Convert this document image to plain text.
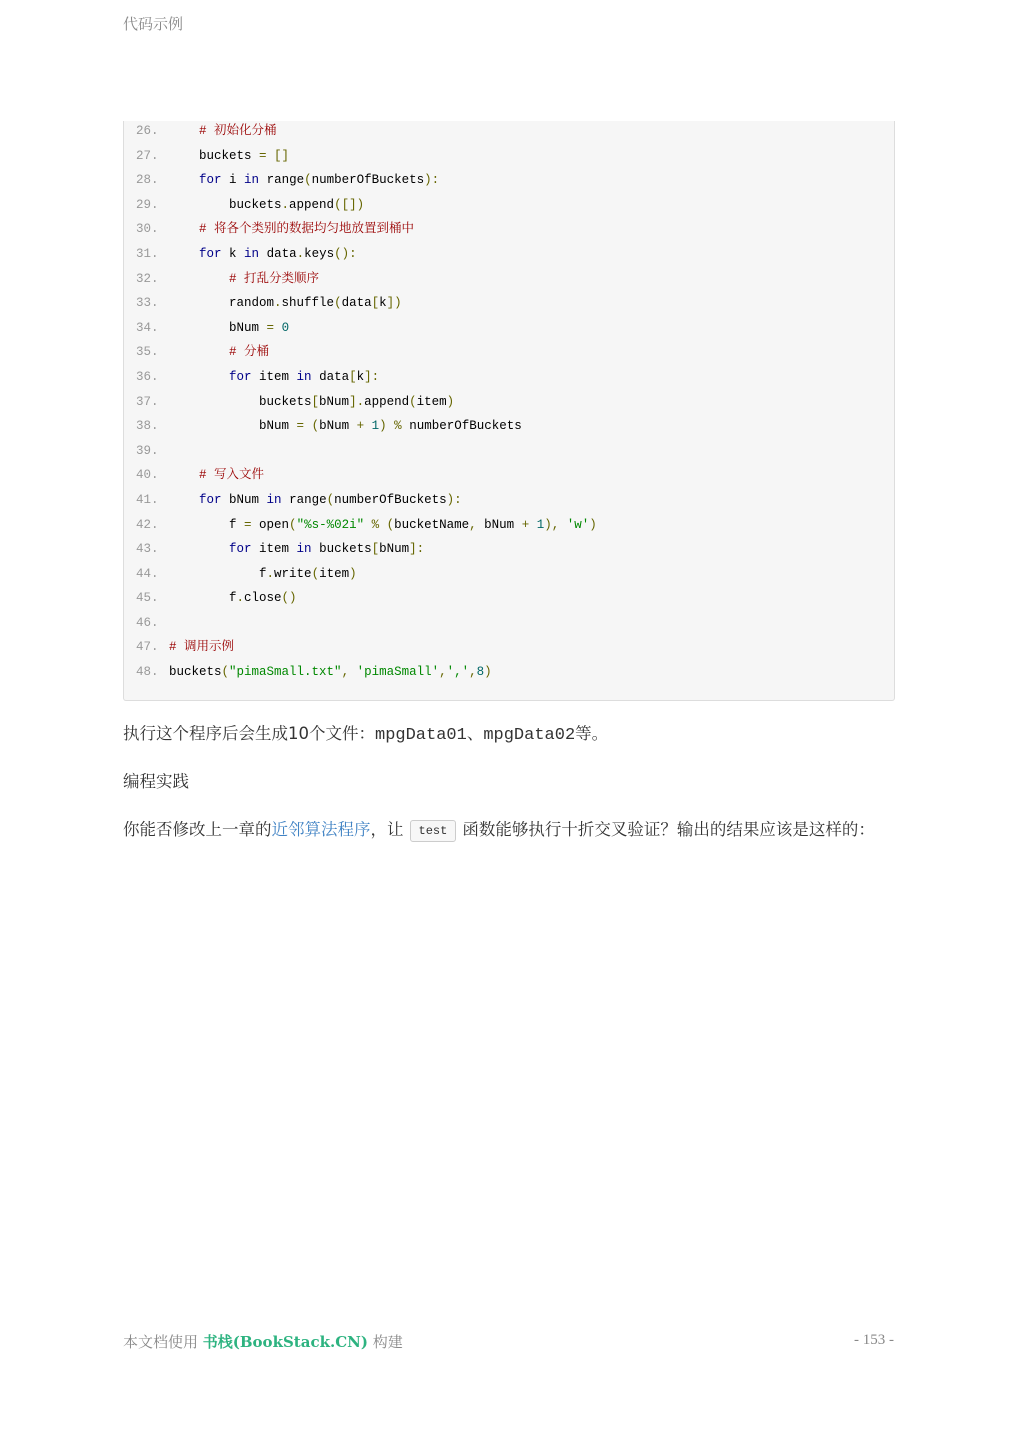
代码示例
26.	# 初始化分桶
27. buckets = []
28.	for i in range(numberOfBuckets):
29. buckets.append([])
30.	# 将各个类别的数据均匀地放置到桶中
31.	for k in data.keys():
32.	# 打乱分类顺序
33. random.shuffle(data[k])
34. bNum = 0
35.	# 分桶
36.	for item in data[k]:
37. buckets[bNum].append(item)
38. bNum = (bNum + 1) % numberOfBuckets
39.
40.	# 写入文件
41.	for bNum in range(numberOfBuckets):
42. f = open("%s-%02i" % (bucketName, bNum + 1), 'w')
43.	for item in buckets[bNum]:
44. f.write(item)
45. f.close()
46.
47. # 调用示例
48. buckets("pimaSmall.txt", 'pimaSmall',',',8)
执行这个程序后会生成10个文件：mpgData01、mpgData02等。
编程实践
你能否修改上一章的近邻算法程序，让 test 函数能够执行十折交叉验证？输出的结果应该是这样的：
本文档使用 书栈(BookStack.CN) 构建	- 153 -
